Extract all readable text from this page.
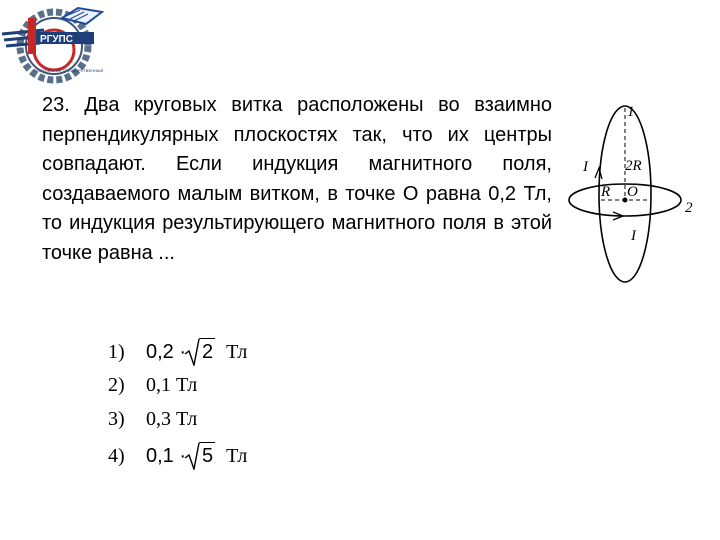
РГУПС
РОСТОВСКИЙ ГОСУДАРСТВЕННЫЙ

23. Два круговых витка расположены во взаимно перпендикулярных плоскостях так, что их центры совпадают. Если индукция магнитного поля, создаваемого малым витком, в точке О равна 0,2 Тл, то индукция результирующего магнитного поля в этой точке равна ...

1
2R
I
R O
2
I
1) 0,2 · 2 Тл
2) 0,1 Тл
3) 0,3 Тл
4) 0,1 · 5 Тл
